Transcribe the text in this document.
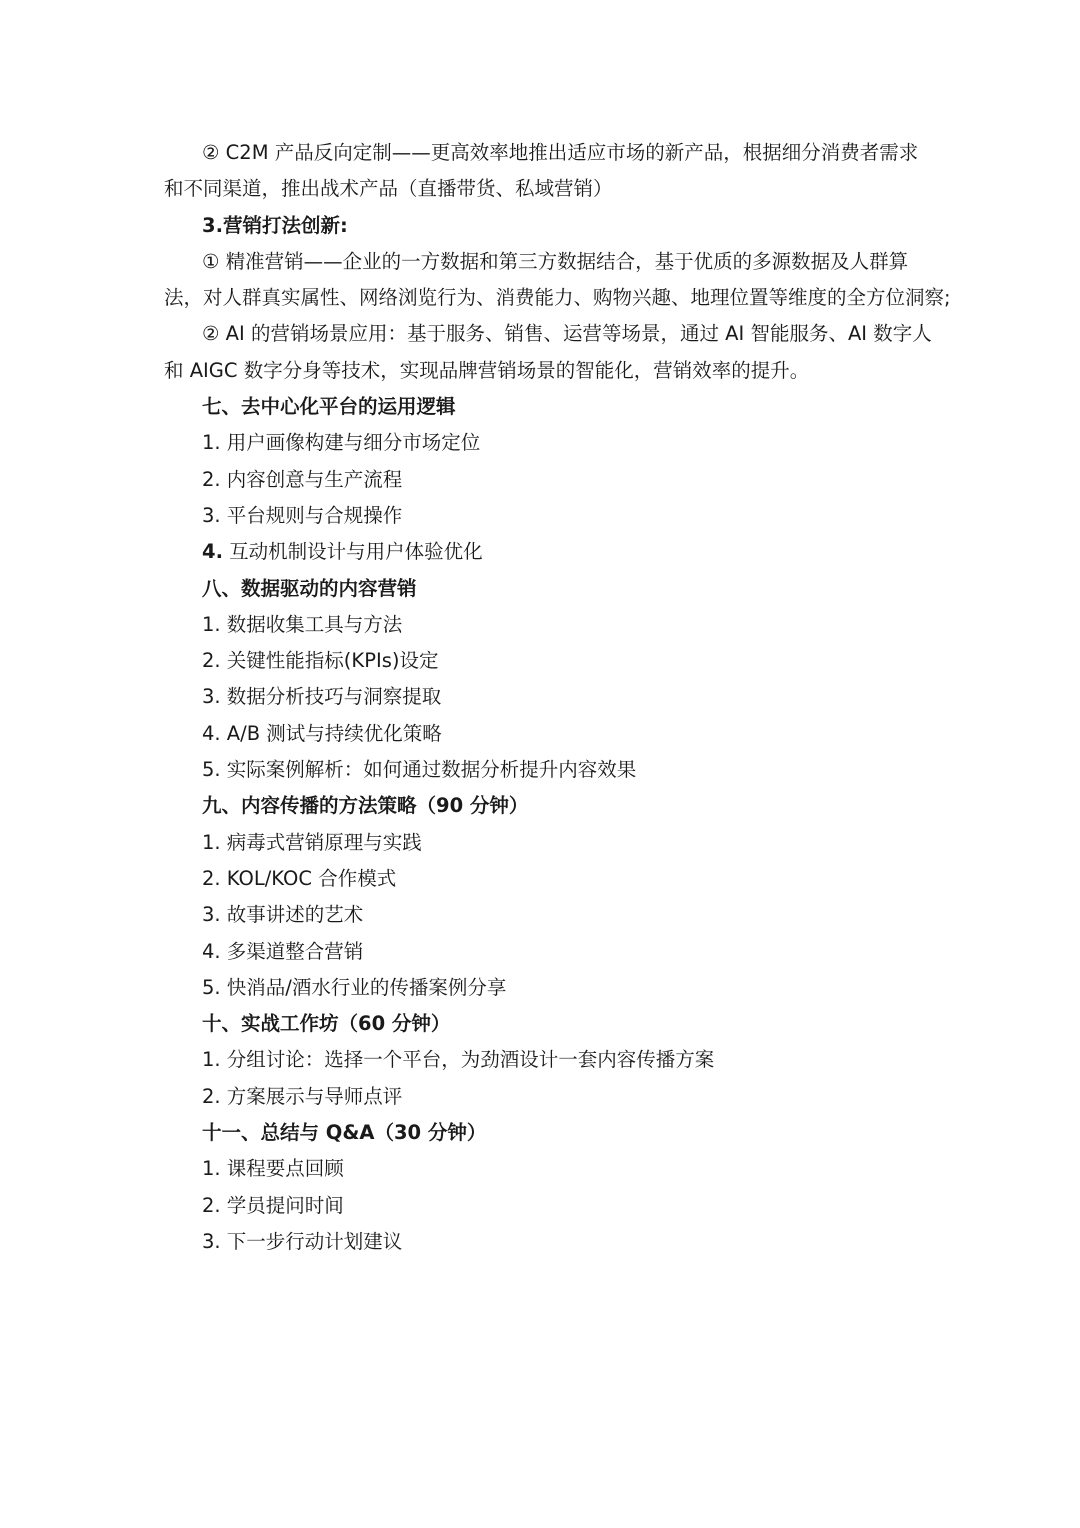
② C2M 产品反向定制——更高效率地推出适应市场的新产品，根据细分消费者需求
和不同渠道，推出战术产品（直播带货、私域营销）
3.营销打法创新:
① 精准营销——企业的一方数据和第三方数据结合，基于优质的多源数据及人群算
法，对人群真实属性、网络浏览行为、消费能力、购物兴趣、地理位置等维度的全方位洞察;
② AI 的营销场景应用：基于服务、销售、运营等场景，通过 AI 智能服务、AI 数字人
和 AIGC 数字分身等技术，实现品牌营销场景的智能化，营销效率的提升。
七、去中心化平台的运用逻辑
1. 用户画像构建与细分市场定位
2. 内容创意与生产流程
3. 平台规则与合规操作
4. 互动机制设计与用户体验优化
八、数据驱动的内容营销
1. 数据收集工具与方法
2. 关键性能指标(KPIs)设定
3. 数据分析技巧与洞察提取
4. A/B 测试与持续优化策略
5. 实际案例解析：如何通过数据分析提升内容效果
九、内容传播的方法策略（90 分钟）
1. 病毒式营销原理与实践
2. KOL/KOC 合作模式
3. 故事讲述的艺术
4. 多渠道整合营销
5. 快消品/酒水行业的传播案例分享
十、实战工作坊（60 分钟）
1. 分组讨论：选择一个平台，为劲酒设计一套内容传播方案
2. 方案展示与导师点评
十一、总结与 Q&A（30 分钟）
1. 课程要点回顾
2. 学员提问时间
3. 下一步行动计划建议
